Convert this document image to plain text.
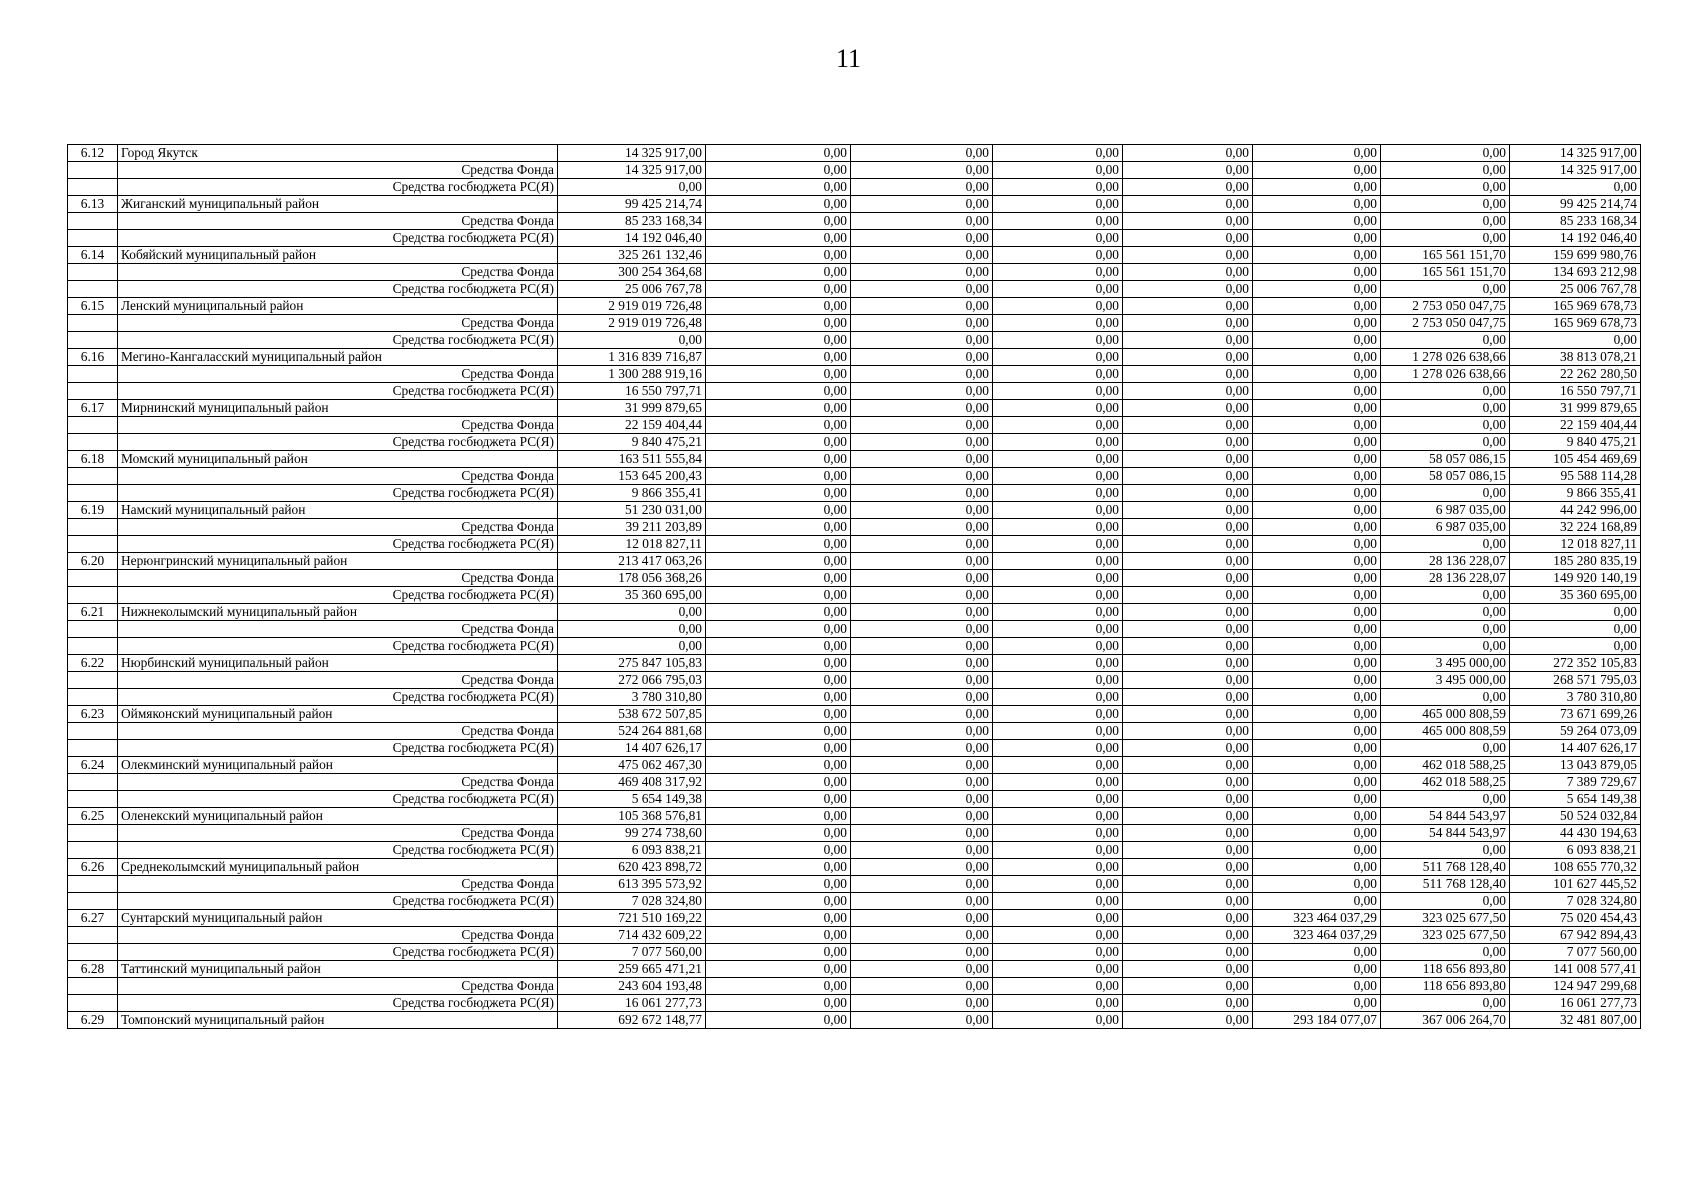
11
6.12	Город Якутск	14 325 917,00	0,00	0,00	0,00	0,00	0,00	0,00	14 325 917,00
	Средства Фонда	14 325 917,00	0,00	0,00	0,00	0,00	0,00	0,00	14 325 917,00
	Средства госбюджета РС(Я)	0,00	0,00	0,00	0,00	0,00	0,00	0,00	0,00
6.13	Жиганский муниципальный район	99 425 214,74	0,00	0,00	0,00	0,00	0,00	0,00	99 425 214,74
	Средства Фонда	85 233 168,34	0,00	0,00	0,00	0,00	0,00	0,00	85 233 168,34
	Средства госбюджета РС(Я)	14 192 046,40	0,00	0,00	0,00	0,00	0,00	0,00	14 192 046,40
6.14	Кобяйский муниципальный район	325 261 132,46	0,00	0,00	0,00	0,00	0,00	165 561 151,70	159 699 980,76
	Средства Фонда	300 254 364,68	0,00	0,00	0,00	0,00	0,00	165 561 151,70	134 693 212,98
	Средства госбюджета РС(Я)	25 006 767,78	0,00	0,00	0,00	0,00	0,00	0,00	25 006 767,78
6.15	Ленский муниципальный район	2 919 019 726,48	0,00	0,00	0,00	0,00	0,00	2 753 050 047,75	165 969 678,73
	Средства Фонда	2 919 019 726,48	0,00	0,00	0,00	0,00	0,00	2 753 050 047,75	165 969 678,73
	Средства госбюджета РС(Я)	0,00	0,00	0,00	0,00	0,00	0,00	0,00	0,00
6.16	Мегино-Кангаласский муниципальный район	1 316 839 716,87	0,00	0,00	0,00	0,00	0,00	1 278 026 638,66	38 813 078,21
	Средства Фонда	1 300 288 919,16	0,00	0,00	0,00	0,00	0,00	1 278 026 638,66	22 262 280,50
	Средства госбюджета РС(Я)	16 550 797,71	0,00	0,00	0,00	0,00	0,00	0,00	16 550 797,71
6.17	Мирнинский муниципальный район	31 999 879,65	0,00	0,00	0,00	0,00	0,00	0,00	31 999 879,65
	Средства Фонда	22 159 404,44	0,00	0,00	0,00	0,00	0,00	0,00	22 159 404,44
	Средства госбюджета РС(Я)	9 840 475,21	0,00	0,00	0,00	0,00	0,00	0,00	9 840 475,21
6.18	Момский муниципальный район	163 511 555,84	0,00	0,00	0,00	0,00	0,00	58 057 086,15	105 454 469,69
	Средства Фонда	153 645 200,43	0,00	0,00	0,00	0,00	0,00	58 057 086,15	95 588 114,28
	Средства госбюджета РС(Я)	9 866 355,41	0,00	0,00	0,00	0,00	0,00	0,00	9 866 355,41
6.19	Намский муниципальный район	51 230 031,00	0,00	0,00	0,00	0,00	0,00	6 987 035,00	44 242 996,00
	Средства Фонда	39 211 203,89	0,00	0,00	0,00	0,00	0,00	6 987 035,00	32 224 168,89
	Средства госбюджета РС(Я)	12 018 827,11	0,00	0,00	0,00	0,00	0,00	0,00	12 018 827,11
6.20	Нерюнгринский муниципальный район	213 417 063,26	0,00	0,00	0,00	0,00	0,00	28 136 228,07	185 280 835,19
	Средства Фонда	178 056 368,26	0,00	0,00	0,00	0,00	0,00	28 136 228,07	149 920 140,19
	Средства госбюджета РС(Я)	35 360 695,00	0,00	0,00	0,00	0,00	0,00	0,00	35 360 695,00
6.21	Нижнеколымский муниципальный район	0,00	0,00	0,00	0,00	0,00	0,00	0,00	0,00
	Средства Фонда	0,00	0,00	0,00	0,00	0,00	0,00	0,00	0,00
	Средства госбюджета РС(Я)	0,00	0,00	0,00	0,00	0,00	0,00	0,00	0,00
6.22	Нюрбинский муниципальный район	275 847 105,83	0,00	0,00	0,00	0,00	0,00	3 495 000,00	272 352 105,83
	Средства Фонда	272 066 795,03	0,00	0,00	0,00	0,00	0,00	3 495 000,00	268 571 795,03
	Средства госбюджета РС(Я)	3 780 310,80	0,00	0,00	0,00	0,00	0,00	0,00	3 780 310,80
6.23	Оймяконский муниципальный район	538 672 507,85	0,00	0,00	0,00	0,00	0,00	465 000 808,59	73 671 699,26
	Средства Фонда	524 264 881,68	0,00	0,00	0,00	0,00	0,00	465 000 808,59	59 264 073,09
	Средства госбюджета РС(Я)	14 407 626,17	0,00	0,00	0,00	0,00	0,00	0,00	14 407 626,17
6.24	Олекминский муниципальный район	475 062 467,30	0,00	0,00	0,00	0,00	0,00	462 018 588,25	13 043 879,05
	Средства Фонда	469 408 317,92	0,00	0,00	0,00	0,00	0,00	462 018 588,25	7 389 729,67
	Средства госбюджета РС(Я)	5 654 149,38	0,00	0,00	0,00	0,00	0,00	0,00	5 654 149,38
6.25	Оленекский муниципальный район	105 368 576,81	0,00	0,00	0,00	0,00	0,00	54 844 543,97	50 524 032,84
	Средства Фонда	99 274 738,60	0,00	0,00	0,00	0,00	0,00	54 844 543,97	44 430 194,63
	Средства госбюджета РС(Я)	6 093 838,21	0,00	0,00	0,00	0,00	0,00	0,00	6 093 838,21
6.26	Среднеколымский муниципальный район	620 423 898,72	0,00	0,00	0,00	0,00	0,00	511 768 128,40	108 655 770,32
	Средства Фонда	613 395 573,92	0,00	0,00	0,00	0,00	0,00	511 768 128,40	101 627 445,52
	Средства госбюджета РС(Я)	7 028 324,80	0,00	0,00	0,00	0,00	0,00	0,00	7 028 324,80
6.27	Сунтарский муниципальный район	721 510 169,22	0,00	0,00	0,00	0,00	323 464 037,29	323 025 677,50	75 020 454,43
	Средства Фонда	714 432 609,22	0,00	0,00	0,00	0,00	323 464 037,29	323 025 677,50	67 942 894,43
	Средства госбюджета РС(Я)	7 077 560,00	0,00	0,00	0,00	0,00	0,00	0,00	7 077 560,00
6.28	Таттинский муниципальный район	259 665 471,21	0,00	0,00	0,00	0,00	0,00	118 656 893,80	141 008 577,41
	Средства Фонда	243 604 193,48	0,00	0,00	0,00	0,00	0,00	118 656 893,80	124 947 299,68
	Средства госбюджета РС(Я)	16 061 277,73	0,00	0,00	0,00	0,00	0,00	0,00	16 061 277,73
6.29	Томпонский муниципальный район	692 672 148,77	0,00	0,00	0,00	0,00	293 184 077,07	367 006 264,70	32 481 807,00
